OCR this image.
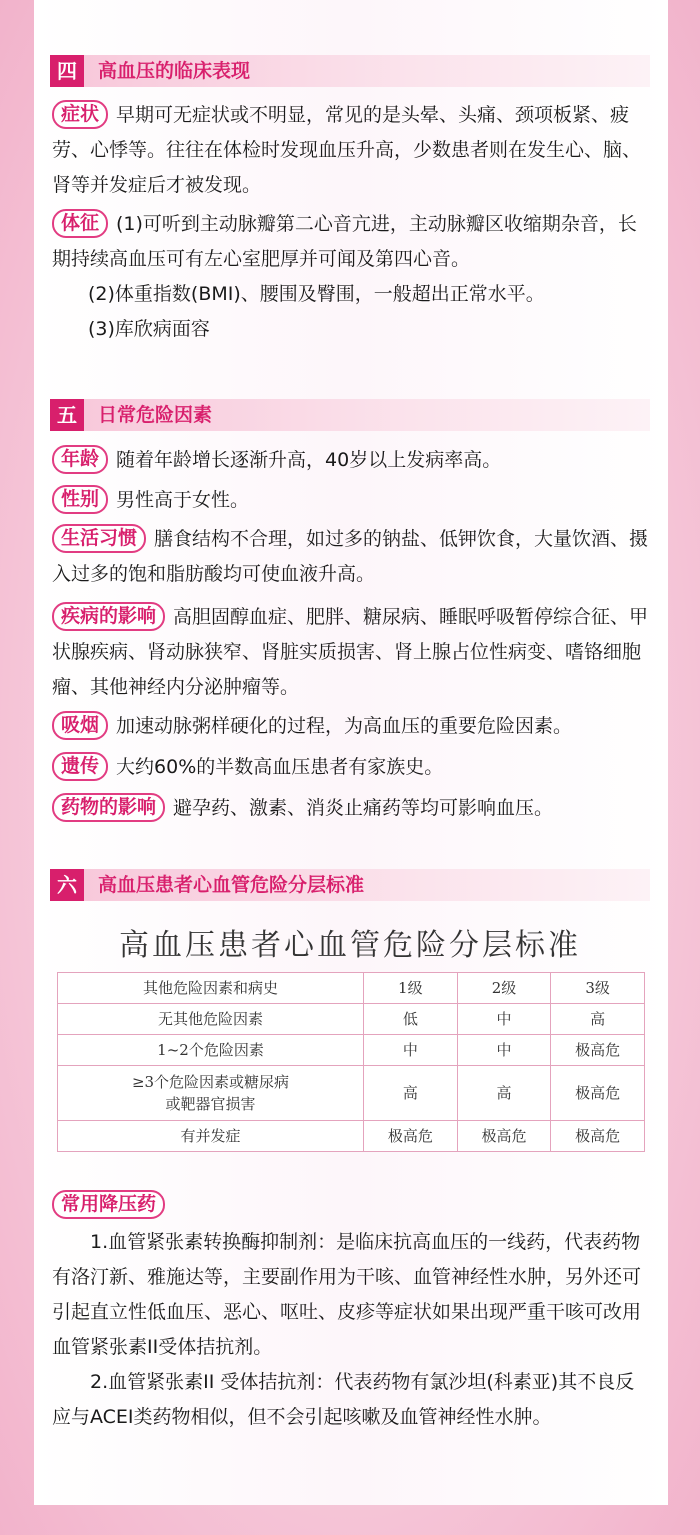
四	高血压的临床表现
症状 早期可无症状或不明显，常见的是头晕、头痛、颈项板紧、疲劳、心悸等。往往在体检时发现血压升高，少数患者则在发生心、脑、肾等并发症后才被发现。
体征 (1)可听到主动脉瓣第二心音亢进，主动脉瓣区收缩期杂音，长期持续高血压可有左心室肥厚并可闻及第四心音。
(2)体重指数(BMI)、腰围及臀围，一般超出正常水平。
(3)库欣病面容
五	日常危险因素
年龄 随着年龄增长逐渐升高，40岁以上发病率高。
性别 男性高于女性。
生活习惯 膳食结构不合理，如过多的钠盐、低钾饮食，大量饮酒、摄入过多的饱和脂肪酸均可使血液升高。
疾病的影响 高胆固醇血症、肥胖、糖尿病、睡眠呼吸暂停综合征、甲状腺疾病、肾动脉狭窄、肾脏实质损害、肾上腺占位性病变、嗜铬细胞瘤、其他神经内分泌肿瘤等。
吸烟 加速动脉粥样硬化的过程，为高血压的重要危险因素。
遗传 大约60%的半数高血压患者有家族史。
药物的影响 避孕药、激素、消炎止痛药等均可影响血压。
六	高血压患者心血管危险分层标准
高血压患者心血管危险分层标准
其他危险因素和病史	1级	2级	3级
无其他危险因素	低	中	高
1~2个危险因素	中	中	极高危

≥3个危险因素或糖尿病
或靶器官损害	高	高	极高危
有并发症	极高危	极高危	极高危
常用降压药
1.血管紧张素转换酶抑制剂：是临床抗高血压的一线药，代表药物有洛汀新、雅施达等，主要副作用为干咳、血管神经性水肿，另外还可引起直立性低血压、恶心、呕吐、皮疹等症状如果出现严重干咳可改用血管紧张素II受体拮抗剂。
2.血管紧张素II 受体拮抗剂：代表药物有氯沙坦(科素亚)其不良反应与ACEI类药物相似，但不会引起咳嗽及血管神经性水肿。
